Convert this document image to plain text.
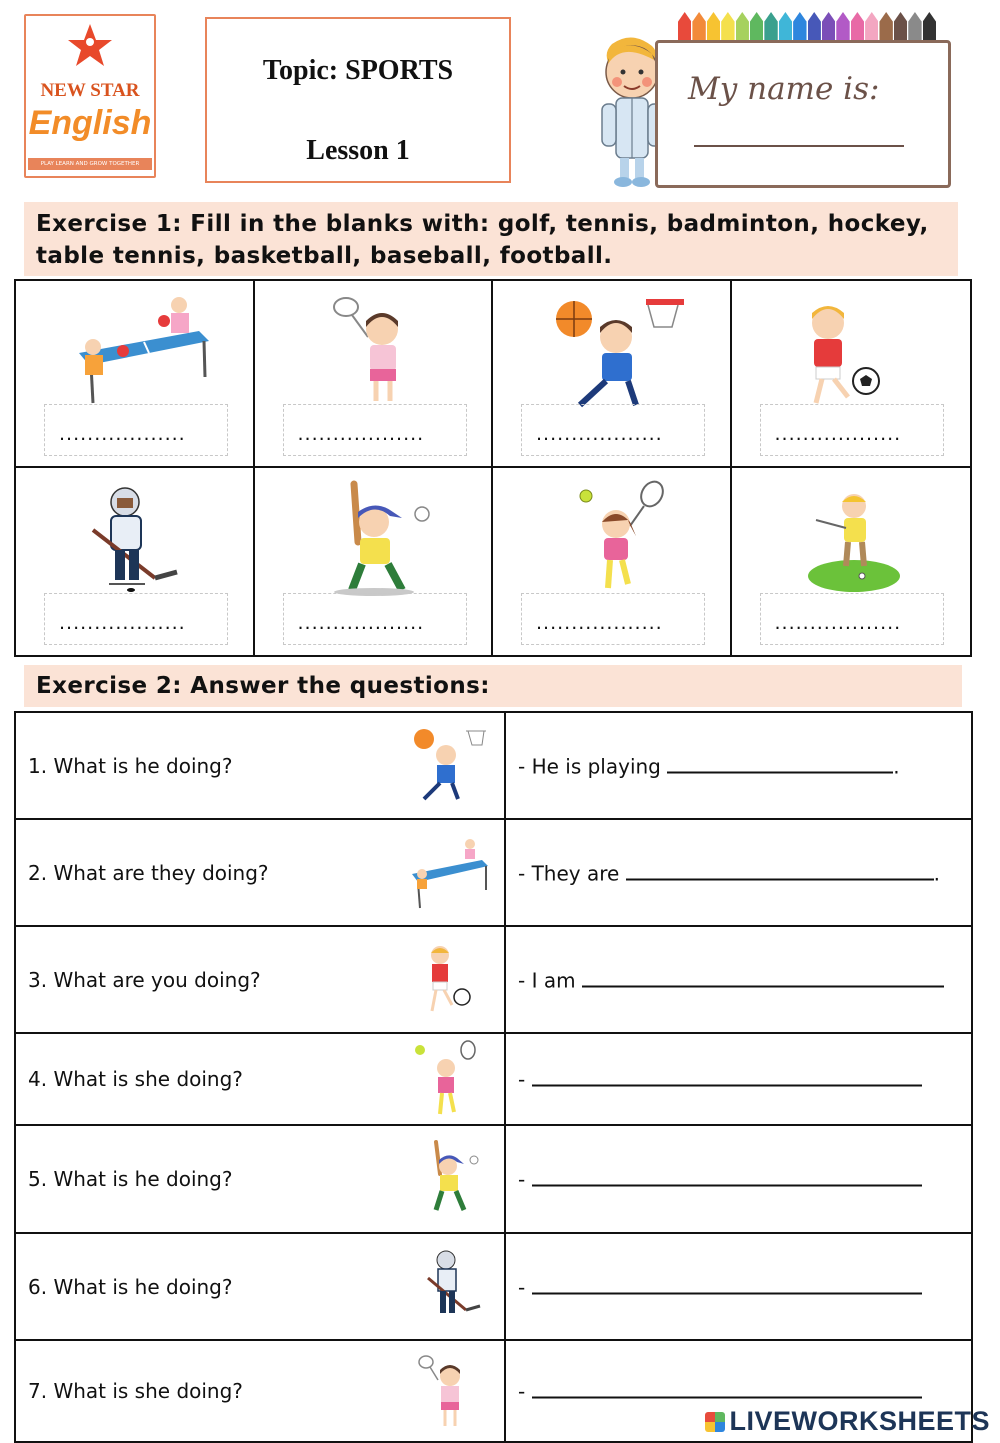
NEW STAR
English
PLAY LEARN AND GROW TOGETHER
Topic: SPORTS
Lesson 1
My name is:
Exercise 1: Fill in the blanks with: golf, tennis, badminton, hockey,
table tennis, basketball, baseball, football.
..................	..................	..................	..................
..................	..................	..................	..................
Exercise 2: Answer the questions:
1. What is he doing?	- He is playing	.
2. What are they doing?	- They are	.
3. What are you doing?	- I am
4. What is she doing?	-
5. What is he doing?	-
6. What is he doing?	-
7. What is she doing?	-
LIVEWORKSHEETS
